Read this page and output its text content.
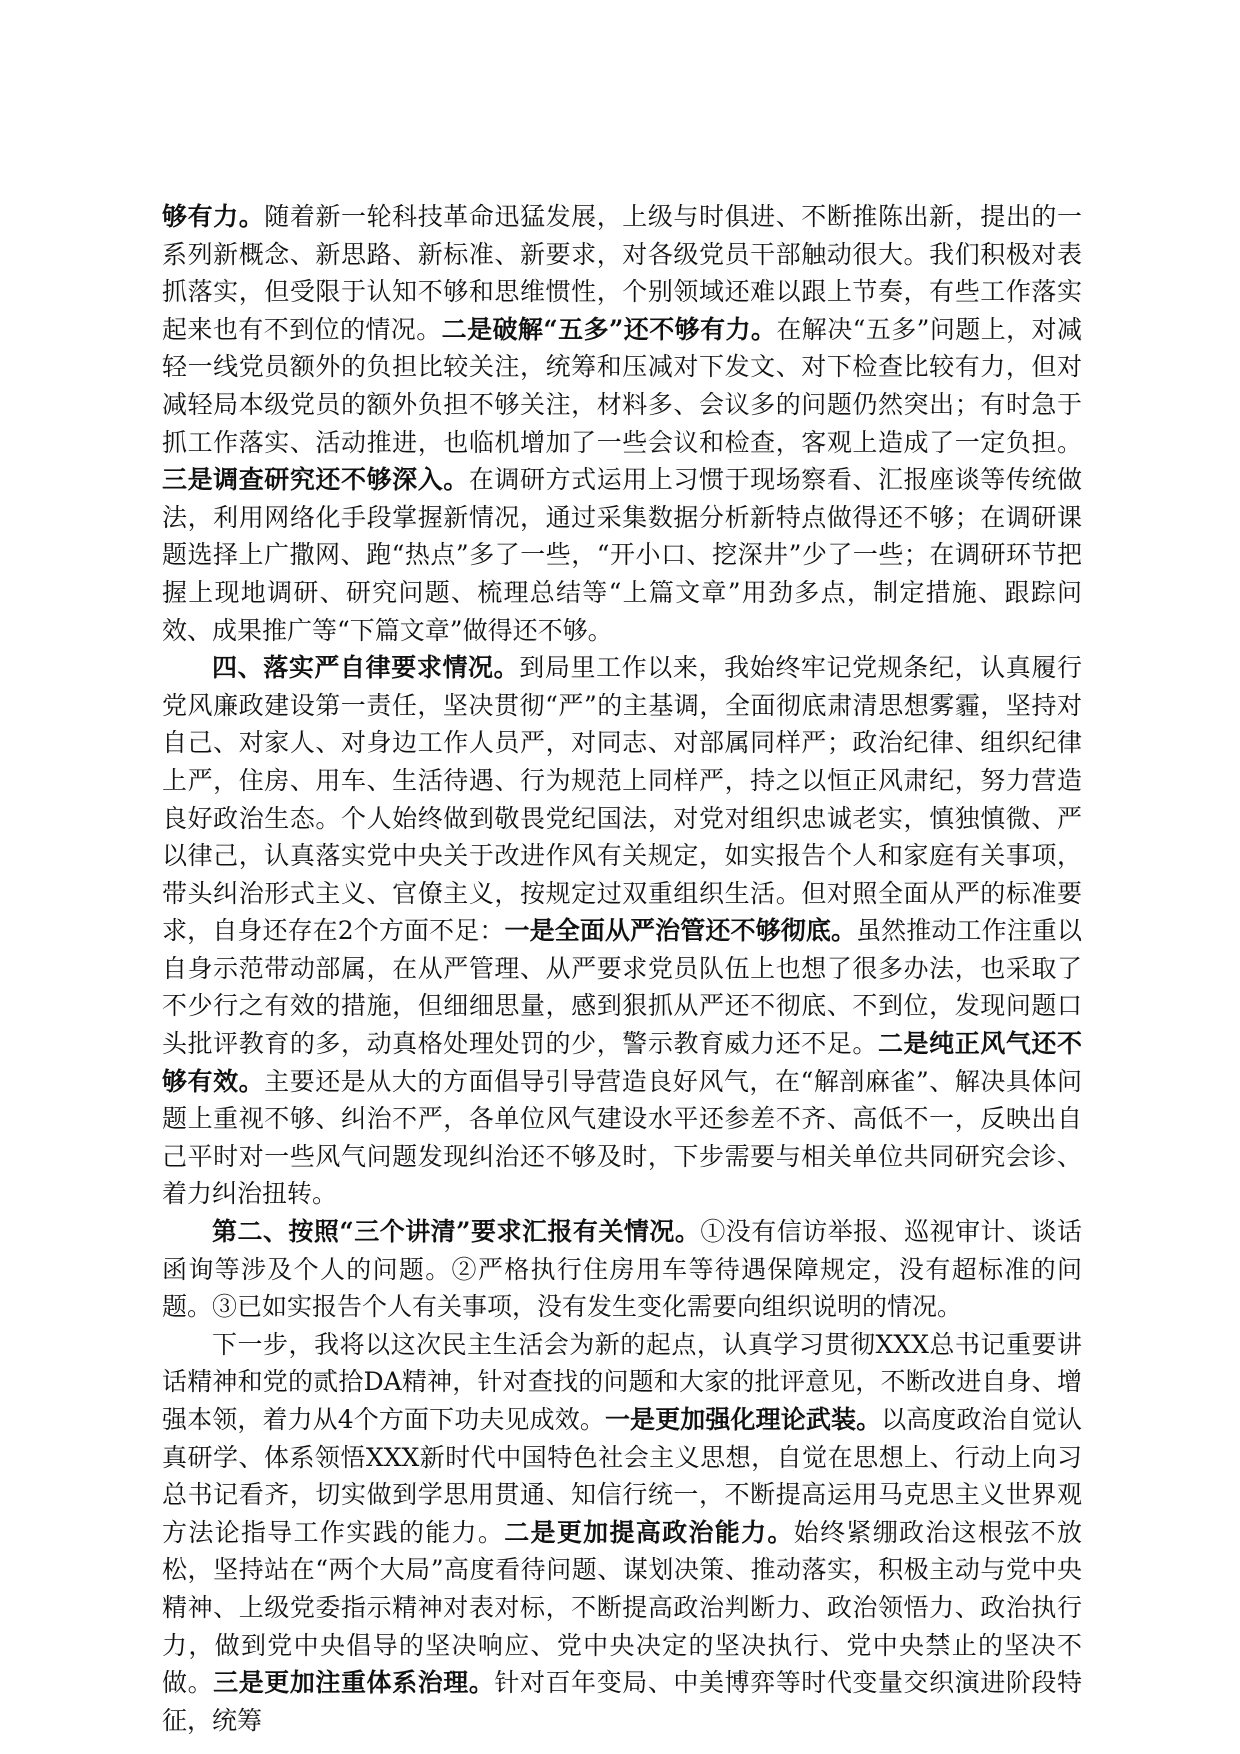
够有力。随着新一轮科技革命迅猛发展，上级与时俱进、不断推陈出新，提出的一系列新概念、新思路、新标准、新要求，对各级党员干部触动很大。我们积极对表抓落实，但受限于认知不够和思维惯性，个别领域还难以跟上节奏，有些工作落实起来也有不到位的情况。二是破解“五多”还不够有力。在解决“五多”问题上，对减轻一线党员额外的负担比较关注，统筹和压减对下发文、对下检查比较有力，但对减轻局本级党员的额外负担不够关注，材料多、会议多的问题仍然突出；有时急于抓工作落实、活动推进，也临机增加了一些会议和检查，客观上造成了一定负担。三是调查研究还不够深入。在调研方式运用上习惯于现场察看、汇报座谈等传统做法，利用网络化手段掌握新情况，通过采集数据分析新特点做得还不够；在调研课题选择上广撒网、跑“热点”多了一些，“开小口、挖深井”少了一些；在调研环节把握上现地调研、研究问题、梳理总结等“上篇文章”用劲多点，制定措施、跟踪问效、成果推广等“下篇文章”做得还不够。

四、落实严自律要求情况。到局里工作以来，我始终牢记党规条纪，认真履行党风廉政建设第一责任，坚决贯彻“严”的主基调，全面彻底肃清思想雾霾，坚持对自己、对家人、对身边工作人员严，对同志、对部属同样严；政治纪律、组织纪律上严，住房、用车、生活待遇、行为规范上同样严，持之以恒正风肃纪，努力营造良好政治生态。个人始终做到敬畏党纪国法，对党对组织忠诚老实，慎独慎微、严以律己，认真落实党中央关于改进作风有关规定，如实报告个人和家庭有关事项，带头纠治形式主义、官僚主义，按规定过双重组织生活。但对照全面从严的标准要求，自身还存在2个方面不足：一是全面从严治管还不够彻底。虽然推动工作注重以自身示范带动部属，在从严管理、从严要求党员队伍上也想了很多办法，也采取了不少行之有效的措施，但细细思量，感到狠抓从严还不彻底、不到位，发现问题口头批评教育的多，动真格处理处罚的少，警示教育威力还不足。二是纯正风气还不够有效。主要还是从大的方面倡导引导营造良好风气，在“解剖麻雀”、解决具体问题上重视不够、纠治不严，各单位风气建设水平还参差不齐、高低不一，反映出自己平时对一些风气问题发现纠治还不够及时，下步需要与相关单位共同研究会诊、着力纠治扭转。

第二、按照“三个讲清”要求汇报有关情况。①没有信访举报、巡视审计、谈话函询等涉及个人的问题。②严格执行住房用车等待遇保障规定，没有超标准的问题。③已如实报告个人有关事项，没有发生变化需要向组织说明的情况。

下一步，我将以这次民主生活会为新的起点，认真学习贯彻XXX总书记重要讲话精神和党的贰拾DA精神，针对查找的问题和大家的批评意见，不断改进自身、增强本领，着力从4个方面下功夫见成效。一是更加强化理论武装。以高度政治自觉认真研学、体系领悟XXX新时代中国特色社会主义思想，自觉在思想上、行动上向习总书记看齐，切实做到学思用贯通、知信行统一，不断提高运用马克思主义世界观方法论指导工作实践的能力。二是更加提高政治能力。始终紧绷政治这根弦不放松，坚持站在“两个大局”高度看待问题、谋划决策、推动落实，积极主动与党中央精神、上级党委指示精神对表对标，不断提高政治判断力、政治领悟力、政治执行力，做到党中央倡导的坚决响应、党中央决定的坚决执行、党中央禁止的坚决不做。三是更加注重体系治理。针对百年变局、中美博弈等时代变量交织演进阶段特征，统筹
